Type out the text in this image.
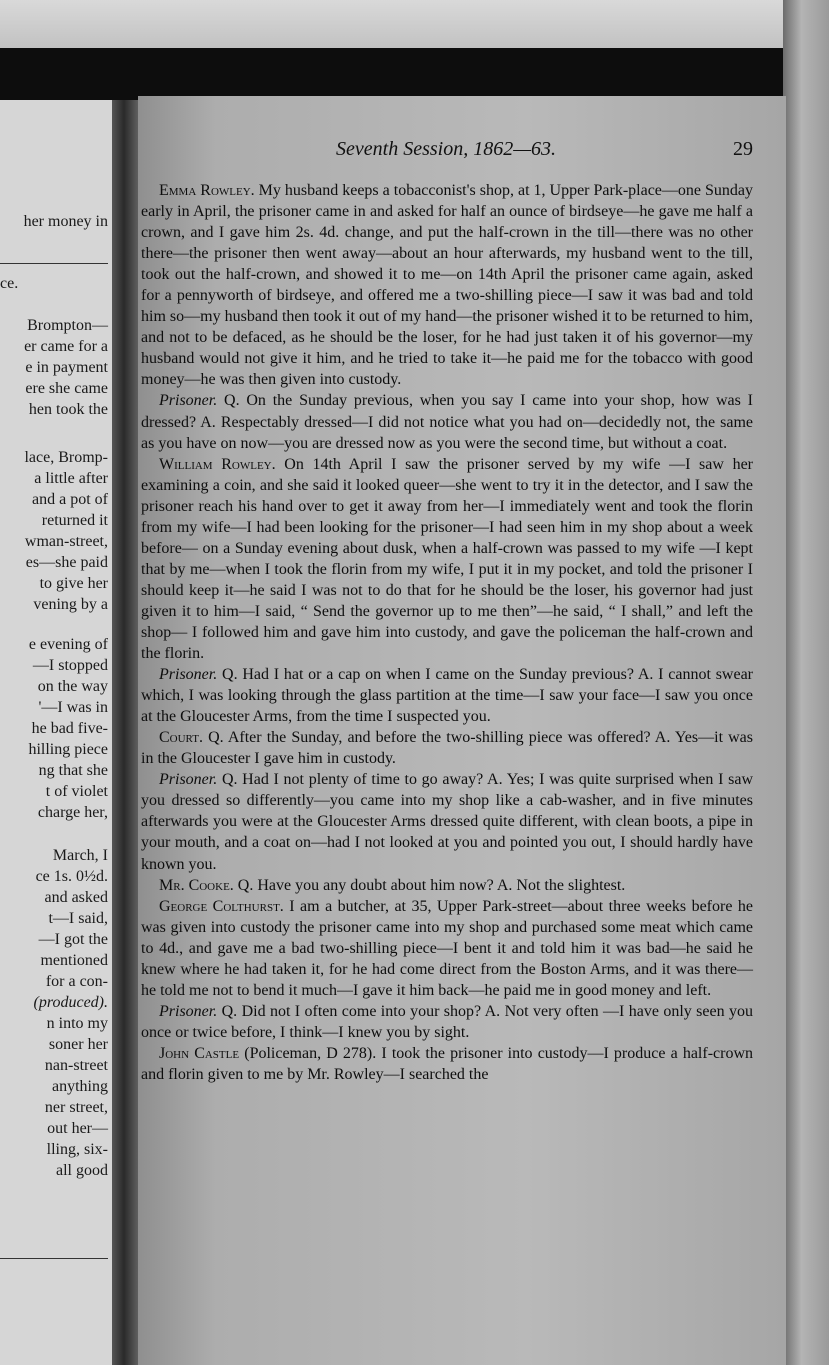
her money in
ce.
Brompton—
er came for a
e in payment
ere she came
hen took the
lace, Bromp-
a little after
and a pot of
returned it
wman-street,
es—she paid
to give her
vening by a
e evening of
—I stopped
on the way
'—I was in
he bad five-
hilling piece
ng that she
t of violet
charge her,
March, I
ce 1s. 0½d.
and asked
t—I said,
—I got the
mentioned
for a con-
(produced).
n into my
soner her
nan-street
anything
ner street,
out her—
lling, six-
all good
Seventh Session, 1862—63.	29

Emma Rowley. My husband keeps a tobacconist's shop, at 1, Upper Park-place—one Sunday early in April, the prisoner came in and asked for half an ounce of birdseye—he gave me half a crown, and I gave him 2s. 4d. change, and put the half-crown in the till—there was no other there—the prisoner then went away—about an hour afterwards, my husband went to the till, took out the half-crown, and showed it to me—on 14th April the prisoner came again, asked for a pennyworth of birdseye, and offered me a two-shilling piece—I saw it was bad and told him so—my husband then took it out of my hand—the prisoner wished it to be returned to him, and not to be defaced, as he should be the loser, for he had just taken it of his governor—my husband would not give it him, and he tried to take it—he paid me for the tobacco with good money—he was then given into custody.

Prisoner. Q. On the Sunday previous, when you say I came into your shop, how was I dressed? A. Respectably dressed—I did not notice what you had on—decidedly not, the same as you have on now—you are dressed now as you were the second time, but without a coat.

William Rowley. On 14th April I saw the prisoner served by my wife —I saw her examining a coin, and she said it looked queer—she went to try it in the detector, and I saw the prisoner reach his hand over to get it away from her—I immediately went and took the florin from my wife—I had been looking for the prisoner—I had seen him in my shop about a week before— on a Sunday evening about dusk, when a half-crown was passed to my wife —I kept that by me—when I took the florin from my wife, I put it in my pocket, and told the prisoner I should keep it—he said I was not to do that for he should be the loser, his governor had just given it to him—I said, “ Send the governor up to me then”—he said, “ I shall,” and left the shop— I followed him and gave him into custody, and gave the policeman the half-crown and the florin.

Prisoner. Q. Had I hat or a cap on when I came on the Sunday previous? A. I cannot swear which, I was looking through the glass partition at the time—I saw your face—I saw you once at the Gloucester Arms, from the time I suspected you.

Court. Q. After the Sunday, and before the two-shilling piece was offered? A. Yes—it was in the Gloucester I gave him in custody.

Prisoner. Q. Had I not plenty of time to go away? A. Yes; I was quite surprised when I saw you dressed so differently—you came into my shop like a cab-washer, and in five minutes afterwards you were at the Gloucester Arms dressed quite different, with clean boots, a pipe in your mouth, and a coat on—had I not looked at you and pointed you out, I should hardly have known you.

Mr. Cooke. Q. Have you any doubt about him now? A. Not the slightest.

George Colthurst. I am a butcher, at 35, Upper Park-street—about three weeks before he was given into custody the prisoner came into my shop and purchased some meat which came to 4d., and gave me a bad two-shilling piece—I bent it and told him it was bad—he said he knew where he had taken it, for he had come direct from the Boston Arms, and it was there—he told me not to bend it much—I gave it him back—he paid me in good money and left.

Prisoner. Q. Did not I often come into your shop? A. Not very often —I have only seen you once or twice before, I think—I knew you by sight.

John Castle (Policeman, D 278). I took the prisoner into custody—I produce a half-crown and florin given to me by Mr. Rowley—I searched the
